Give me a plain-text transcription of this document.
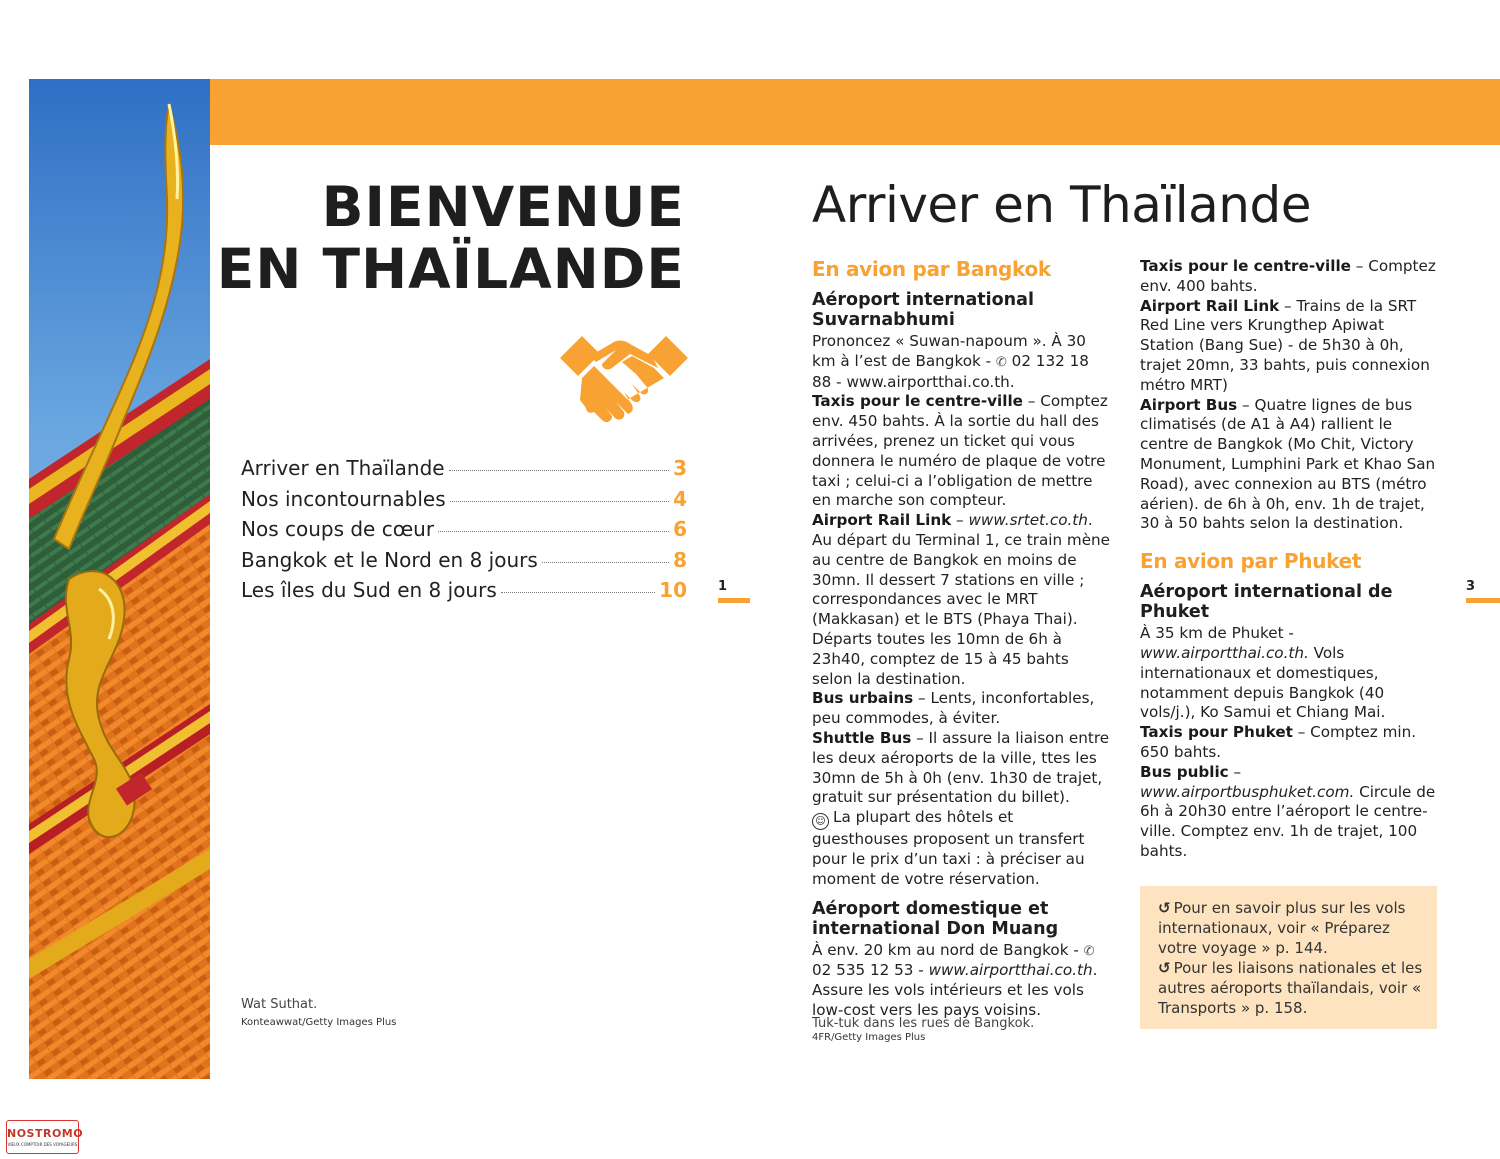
BIENVENUE
EN THAÏLANDE
Arriver en Thaïlande	3
Nos incontournables	4
Nos coups de cœur	6
Bangkok et le Nord en 8 jours	8
Les îles du Sud en 8 jours	10
Wat Suthat.
Konteawwat/Getty Images Plus
1
Arriver en Thaïlande
En avion par Bangkok
Aéroport international Suvarnabhumi

Prononcez « Suwan-napoum ». À 30 km à l’est de Bangkok - ✆ 02 132 18 88 - www.airportthai.co.th.

Taxis pour le centre-ville – Comptez env. 450 bahts. À la sortie du hall des arrivées, prenez un ticket qui vous donnera le numéro de plaque de votre taxi ; celui-ci a l’obligation de mettre en marche son compteur.

Airport Rail Link – www.srtet.co.th. Au départ du Terminal 1, ce train mène au centre de Bangkok en moins de 30mn. Il dessert 7 stations en ville ; correspondances avec le MRT (Makkasan) et le BTS (Phaya Thai). Départs toutes les 10mn de 6h à 23h40, comptez de 15 à 45 bahts selon la destination.

Bus urbains – Lents, inconfortables, peu commodes, à éviter.

Shuttle Bus – Il assure la liaison entre les deux aéroports de la ville, ttes les 30mn de 5h à 0h (env. 1h30 de trajet, gratuit sur présentation du billet).

☺ La plupart des hôtels et guesthouses proposent un transfert pour le prix d’un taxi : à préciser au moment de votre réservation.

Aéroport domestique et international Don Muang

À env. 20 km au nord de Bangkok - ✆ 02 535 12 53 - www.airportthai.co.th. Assure les vols intérieurs et les vols low-cost vers les pays voisins.

Taxis pour le centre-ville – Comptez env. 400 bahts.

Airport Rail Link – Trains de la SRT Red Line vers Krungthep Apiwat Station (Bang Sue) - de 5h30 à 0h, trajet 20mn, 33 bahts, puis connexion métro MRT)

Airport Bus – Quatre lignes de bus climatisés (de A1 à A4) rallient le centre de Bangkok (Mo Chit, Victory Monument, Lumphini Park et Khao San Road), avec connexion au BTS (métro aérien). de 6h à 0h, env. 1h de trajet, 30 à 50 bahts selon la destination.

En avion par Phuket
Aéroport international de Phuket

À 35 km de Phuket - www.airportthai.co.th. Vols internationaux et domestiques, notamment depuis Bangkok (40 vols/j.), Ko Samui et Chiang Mai.

Taxis pour Phuket – Comptez min. 650 bahts.

Bus public – www.airportbusphuket.com. Circule de 6h à 20h30 entre l’aéroport le centre-ville. Comptez env. 1h de trajet, 100 bahts.

↺ Pour en savoir plus sur les vols internationaux, voir « Préparez votre voyage » p. 144.
↺ Pour les liaisons nationales et les autres aéroports thaïlandais, voir « Transports » p. 158.
Tuk-tuk dans les rues de Bangkok.
4FR/Getty Images Plus
3
NOSTROMO
VIEUX COMPTOIR DES VOYAGEURS
